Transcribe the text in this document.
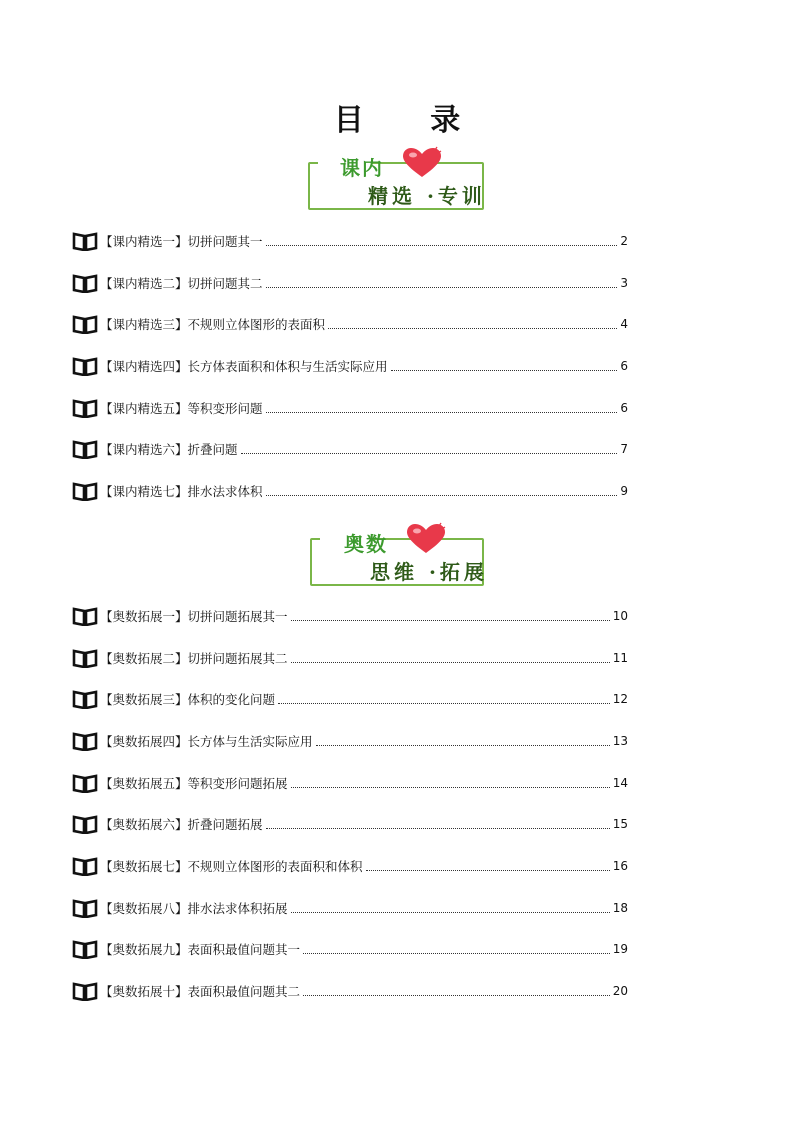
目 录
课内
精选 ·专训
【课内精选一】 切拼问题其一	2
【课内精选二】 切拼问题其二	3
【课内精选三】 不规则立体图形的表面积	4
【课内精选四】 长方体表面积和体积与生活实际应用	6
【课内精选五】 等积变形问题	6
【课内精选六】 折叠问题	7
【课内精选七】 排水法求体积	9
奥数
思维 ·拓展
【奥数拓展一】 切拼问题拓展其一	10
【奥数拓展二】 切拼问题拓展其二	11
【奥数拓展三】 体积的变化问题	12
【奥数拓展四】 长方体与生活实际应用	13
【奥数拓展五】 等积变形问题拓展	14
【奥数拓展六】 折叠问题拓展	15
【奥数拓展七】 不规则立体图形的表面积和体积	16
【奥数拓展八】 排水法求体积拓展	18
【奥数拓展九】 表面积最值问题其一	19
【奥数拓展十】 表面积最值问题其二	20
